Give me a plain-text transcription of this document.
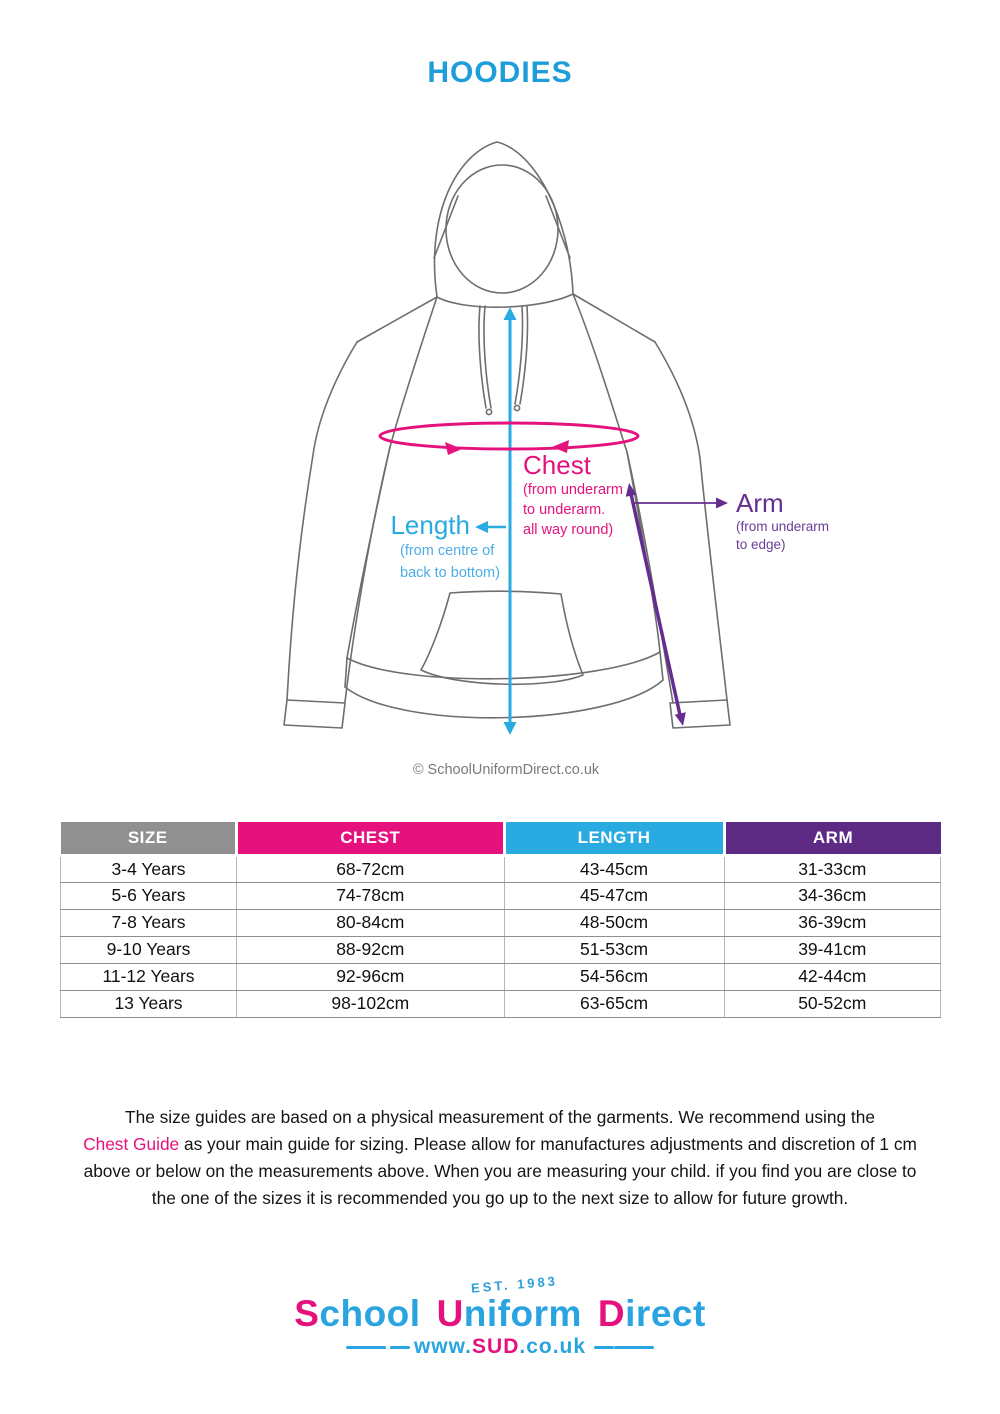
HOODIES
Chest
(from underarm
to underarm.
all way round)
Length
(from centre of
back to bottom)
Arm
(from underarm
to edge)
© SchoolUniformDirect.co.uk
SIZE	CHEST	LENGTH	ARM
3-4 Years	68-72cm	43-45cm	31-33cm
5-6 Years	74-78cm	45-47cm	34-36cm
7-8 Years	80-84cm	48-50cm	36-39cm
9-10 Years	88-92cm	51-53cm	39-41cm
11-12 Years	92-96cm	54-56cm	42-44cm
13 Years	98-102cm	63-65cm	50-52cm
The size guides are based on a physical measurement of the garments. We recommend using the
Chest Guide as your main guide for sizing. Please allow for manufactures adjustments and discretion of 1 cm
above or below on the measurements above. When you are measuring your child. if you find you are close to
the one of the sizes it is recommended you go up to the next size to allow for future growth.
EST. 1983
School Uniform Direct
www.SUD.co.uk
